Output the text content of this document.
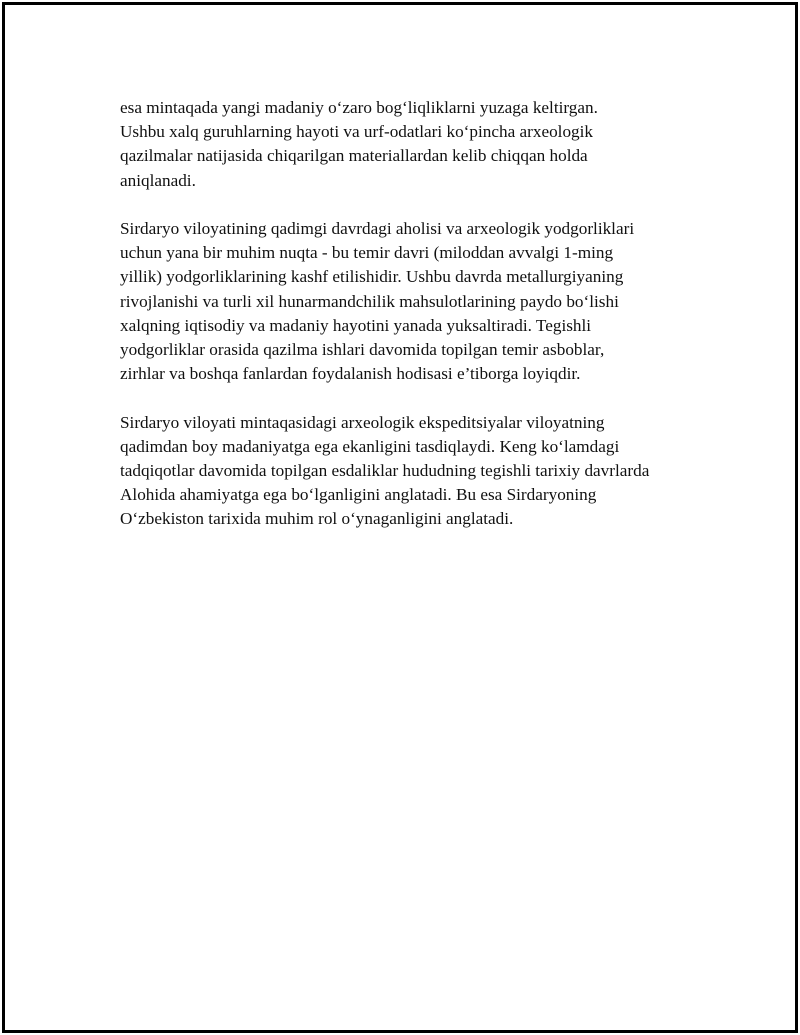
esa mintaqada yangi madaniy o‘zaro bog‘liqliklarni yuzaga keltirgan.
Ushbu xalq guruhlarning hayoti va urf-odatlari ko‘pincha arxeologik
qazilmalar natijasida chiqarilgan materiallardan kelib chiqqan holda
aniqlanadi.

Sirdaryo viloyatining qadimgi davrdagi aholisi va arxeologik yodgorliklari
uchun yana bir muhim nuqta - bu temir davri (miloddan avvalgi 1-ming
yillik) yodgorliklarining kashf etilishidir. Ushbu davrda metallurgiyaning
rivojlanishi va turli xil hunarmandchilik mahsulotlarining paydo bo‘lishi
xalqning iqtisodiy va madaniy hayotini yanada yuksaltiradi. Tegishli
yodgorliklar orasida qazilma ishlari davomida topilgan temir asboblar,
zirhlar va boshqa fanlardan foydalanish hodisasi e’tiborga loyiqdir.

Sirdaryo viloyati mintaqasidagi arxeologik ekspeditsiyalar viloyatning
qadimdan boy madaniyatga ega ekanligini tasdiqlaydi. Keng ko‘lamdagi
tadqiqotlar davomida topilgan esdaliklar hududning tegishli tarixiy davrlarda
Alohida ahamiyatga ega bo‘lganligini anglatadi. Bu esa Sirdaryoning
O‘zbekiston tarixida muhim rol o‘ynaganligini anglatadi.
